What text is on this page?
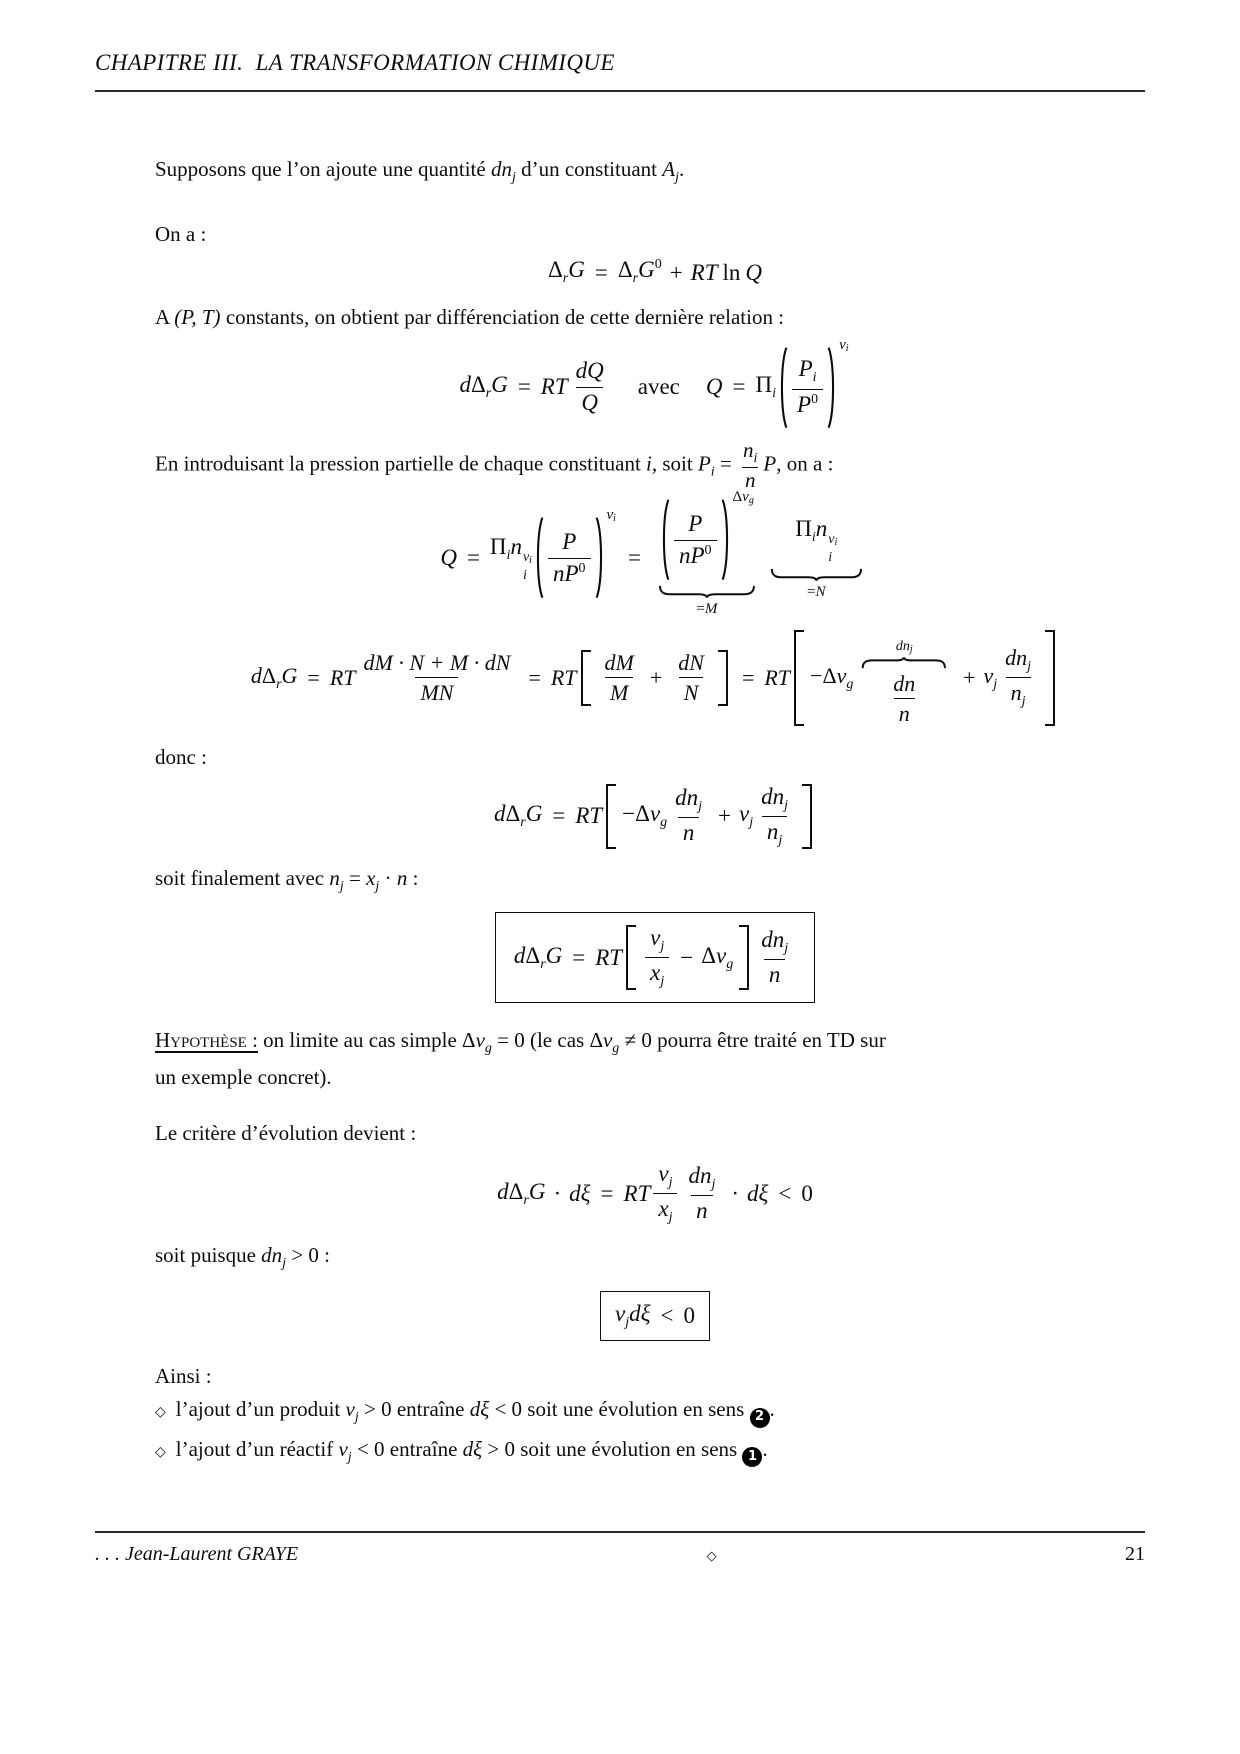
CHAPITRE III.  LA TRANSFORMATION CHIMIQUE
Supposons que l’on ajoute une quantité $dn_j$ d’un constituant $A_j$.
On a :
$\Delta_rG = \Delta_rG^0$ + RT ln Q
A (P, T) constants, on obtient par différenciation de cette dernière relation :
$d\Delta_rG$ = RT $\frac{dQ}{Q}$ avec $Q = \Pi_i \frac{P_i}{P^0}$
νi
En introduisant la pression partielle de chaque constituant i, soit $P_i = \frac{n_i}{n} P$, on a :
$Q = \Pi_in$ νi
i $\frac{P}{nP^0}$
νi
= $\frac{P}{nP^0}$
Δνg
=M
$\Pi_in$ νi
i
=N
$d\Delta_rG$ = RT $\frac{dM \cdot N + M \cdot dN}{MN}$ = RT $\frac{dM}{M} + \frac{dN}{N}$ = RT $-\Delta\nu_g$ dnj
dn
$n + \nu_j \frac{dn_j}{n_j}$
donc :
$d\Delta_rG$ = RT $-\Delta\nu_g \frac{dn_j}{n} + \nu_j \frac{dn_j}{n_j}$
soit finalement avec $n_j = x_j \cdot n$ :
$d\Delta_rG$ = RT $\frac{\nu_j}{x_j} - \Delta\nu_g \frac{dn_j}{n}$
Hypothèse : on limite au cas simple $\Delta\nu_g = 0$ (le cas $\Delta\nu_g \ne 0$ pourra être traité en TD sur
un exemple concret).
Le critère d’évolution devient :
$d\Delta_rG \cdot d\xi$ = RT $\frac{\nu_j}{x_j} \frac{dn_j}{n} \cdot d\xi < 0$
soit puisque $dn_j > 0$ :
$\nu_jd\xi < 0$
Ainsi :
◇ l’ajout d’un produit $\nu_j > 0$ entraîne dξ < 0 soit une évolution en sens 2 .
◇ l’ajout d’un réactif $\nu_j < 0$ entraîne dξ > 0 soit une évolution en sens 1 .
. . . Jean-Laurent GRAYE	◇	21
